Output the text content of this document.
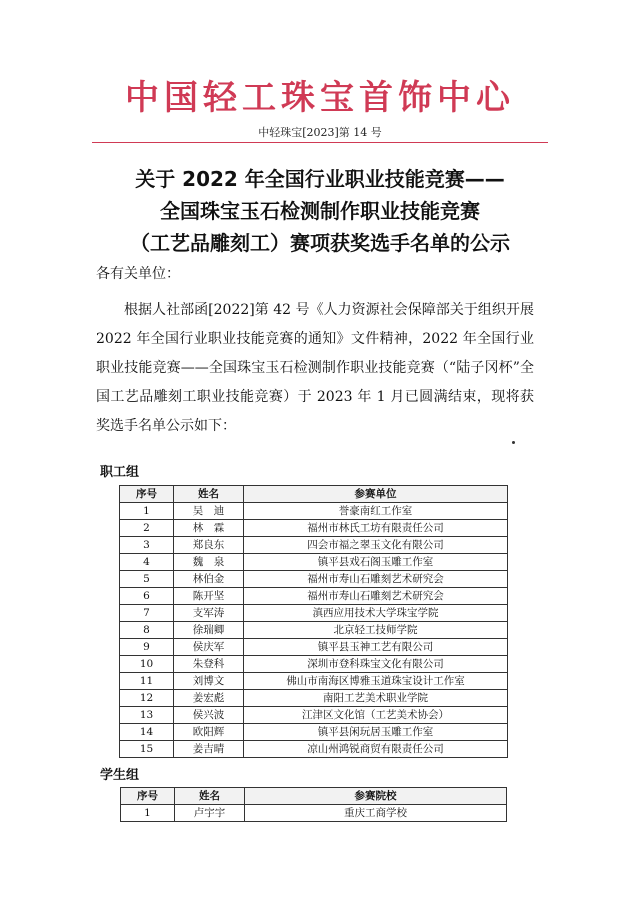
中国轻工珠宝首饰中心
中轻珠宝[2023]第 14 号
关于 2022 年全国行业职业技能竞赛——
全国珠宝玉石检测制作职业技能竞赛
（工艺品雕刻工）赛项获奖选手名单的公示
各有关单位：
根据人社部函[2022]第 42 号《人力资源社会保障部关于组织开展 2022 年全国行业职业技能竞赛的通知》文件精神，2022 年全国行业职业技能竞赛——全国珠宝玉石检测制作职业技能竞赛（“陆子冈杯”全国工艺品雕刻工职业技能竞赛）于 2023 年 1 月已圆满结束，现将获奖选手名单公示如下：
职工组
序号	姓名	参赛单位
1	吴　迪	誉豪南红工作室
2	林　霖	福州市林氏工坊有限责任公司
3	郑良东	四会市福之翠玉文化有限公司
4	魏　泉	镇平县戏石阁玉雕工作室
5	林伯金	福州市寿山石雕刻艺术研究会
6	陈开坚	福州市寿山石雕刻艺术研究会
7	支军涛	滇西应用技术大学珠宝学院
8	徐瑞卿	北京轻工技师学院
9	侯庆军	镇平县玉神工艺有限公司
10	朱登科	深圳市登科珠宝文化有限公司
11	刘博文	佛山市南海区博雅玉道珠宝设计工作室
12	姜宏彪	南阳工艺美术职业学院
13	侯兴波	江津区文化馆（工艺美术协会）
14	欧阳辉	镇平县闲玩居玉雕工作室
15	姜吉晴	凉山州鸿锐商贸有限责任公司
学生组
序号	姓名	参赛院校
1	卢宇宇	重庆工商学校
